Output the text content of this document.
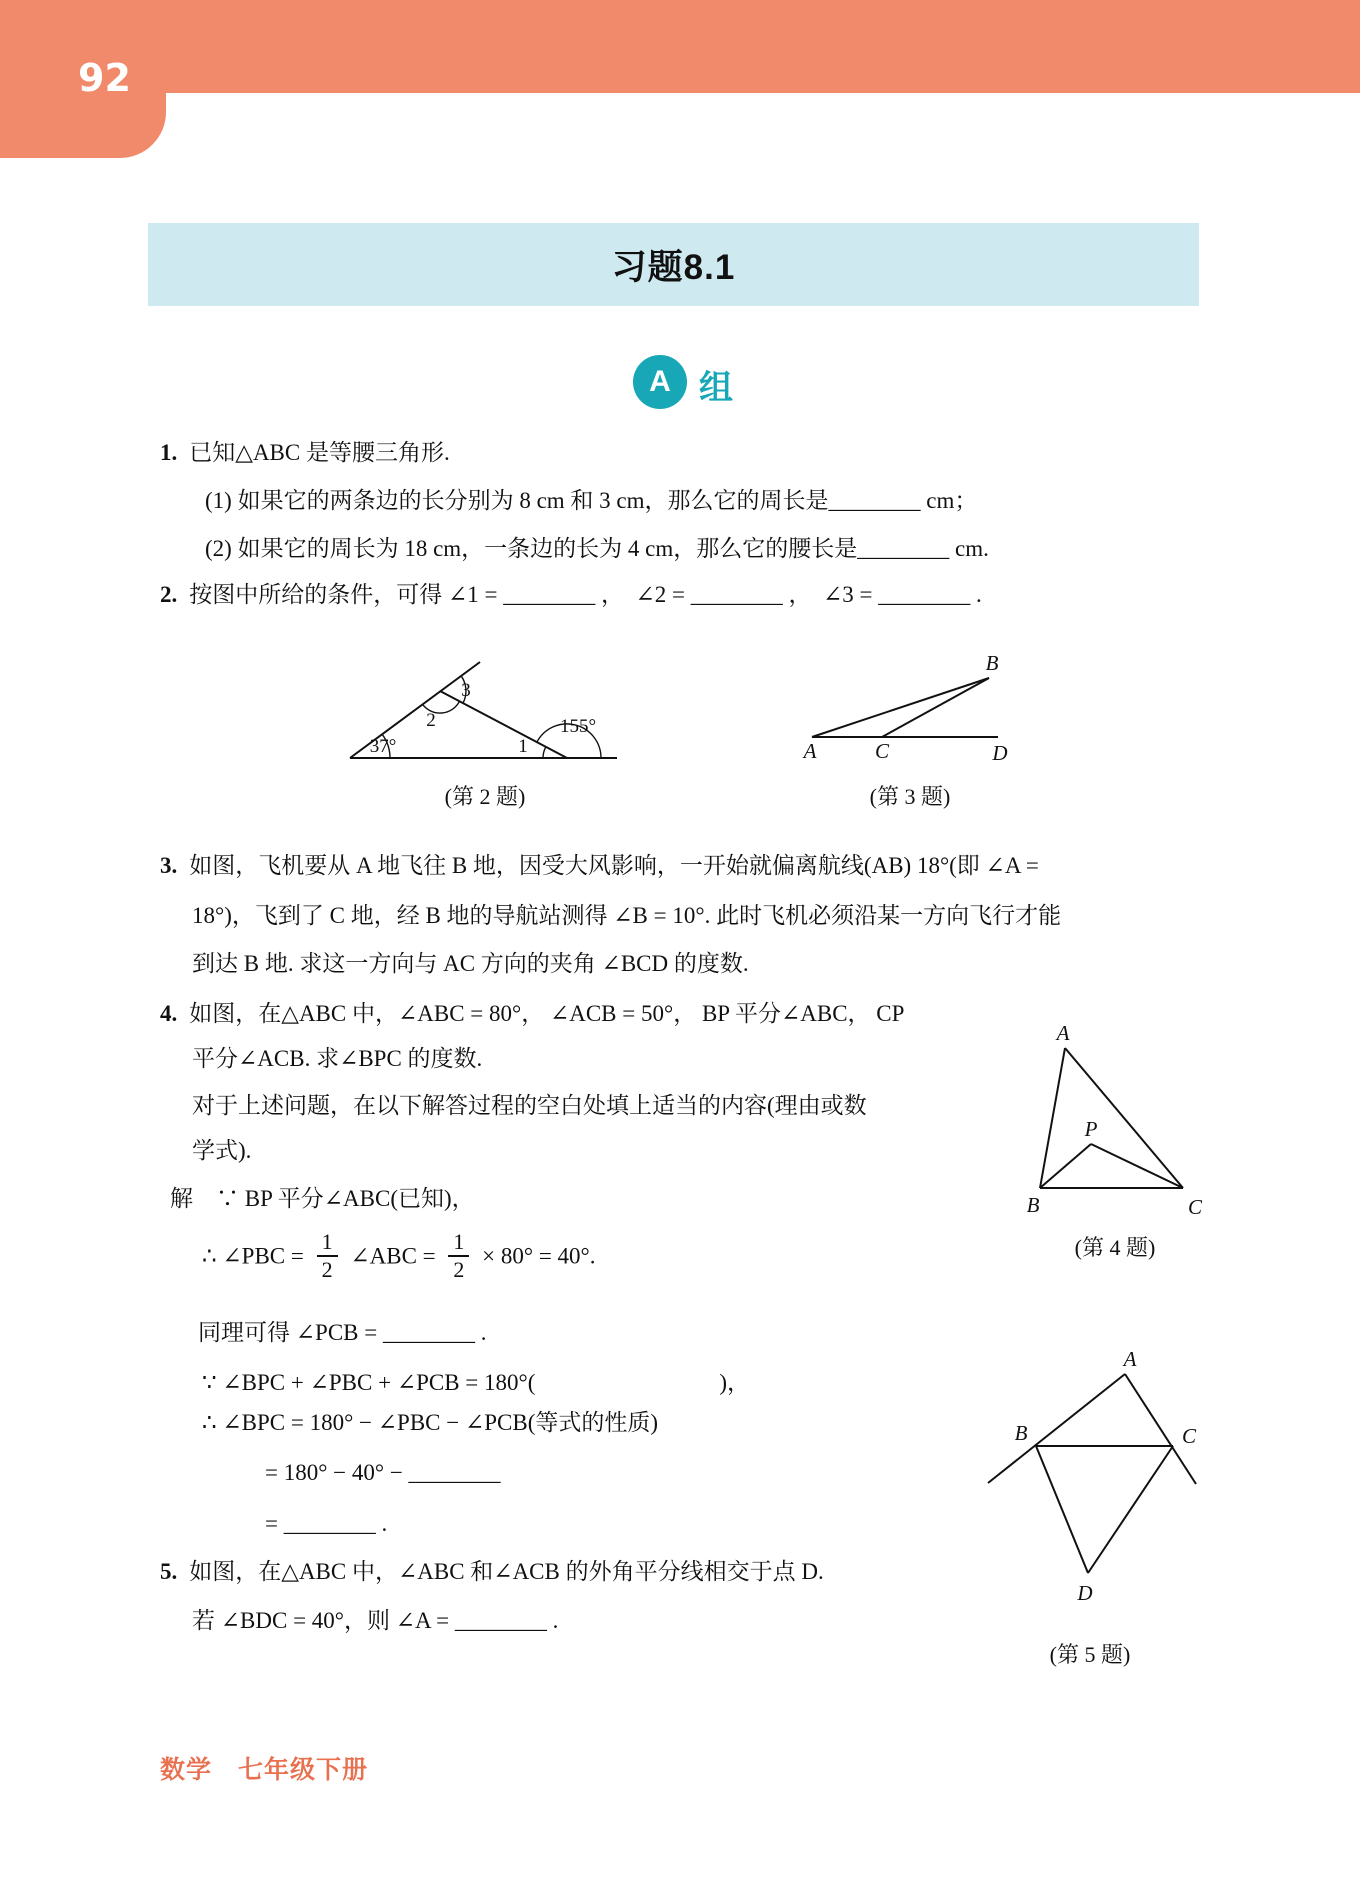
92
习题8.1
A 组
1. 已知△ABC 是等腰三角形.
(1) 如果它的两条边的长分别为 8 cm 和 3 cm，那么它的周长是________ cm；
(2) 如果它的周长为 18 cm，一条边的长为 4 cm，那么它的腰长是________ cm.
2. 按图中所给的条件，可得 ∠1 = ________ ，　∠2 = ________ ，　∠3 = ________ .
37°
2
3
1
155°
(第 2 题)
A	C	D
B
(第 3 题)
3. 如图，飞机要从 A 地飞往 B 地，因受大风影响，一开始就偏离航线(AB) 18°(即 ∠A =
18°)，飞到了 C 地，经 B 地的导航站测得 ∠B = 10°. 此时飞机必须沿某一方向飞行才能
到达 B 地. 求这一方向与 AC 方向的夹角 ∠BCD 的度数.
4. 如图，在△ABC 中，∠ABC = 80°， ∠ACB = 50°， BP 平分∠ABC， CP
平分∠ACB. 求∠BPC 的度数.
对于上述问题，在以下解答过程的空白处填上适当的内容(理由或数
学式).
A
B	C
P
(第 4 题)
解　∵ BP 平分∠ABC(已知)，
∴ ∠PBC = $\frac{1}{2}$ ∠ABC = $\frac{1}{2} \times 80^\circ = 40^\circ$.
同理可得 ∠PCB = ________ .
∵ ∠BPC + ∠PBC + ∠PCB = 180°(　　　　　　　　)，
∴ ∠BPC = 180° − ∠PBC − ∠PCB(等式的性质)
= 180° − 40° − ________
= ________ .
A
B	C
D
(第 5 题)
5. 如图，在△ABC 中，∠ABC 和∠ACB 的外角平分线相交于点 D.
若 ∠BDC = 40°，则 ∠A = ________ .
数学　七年级下册
